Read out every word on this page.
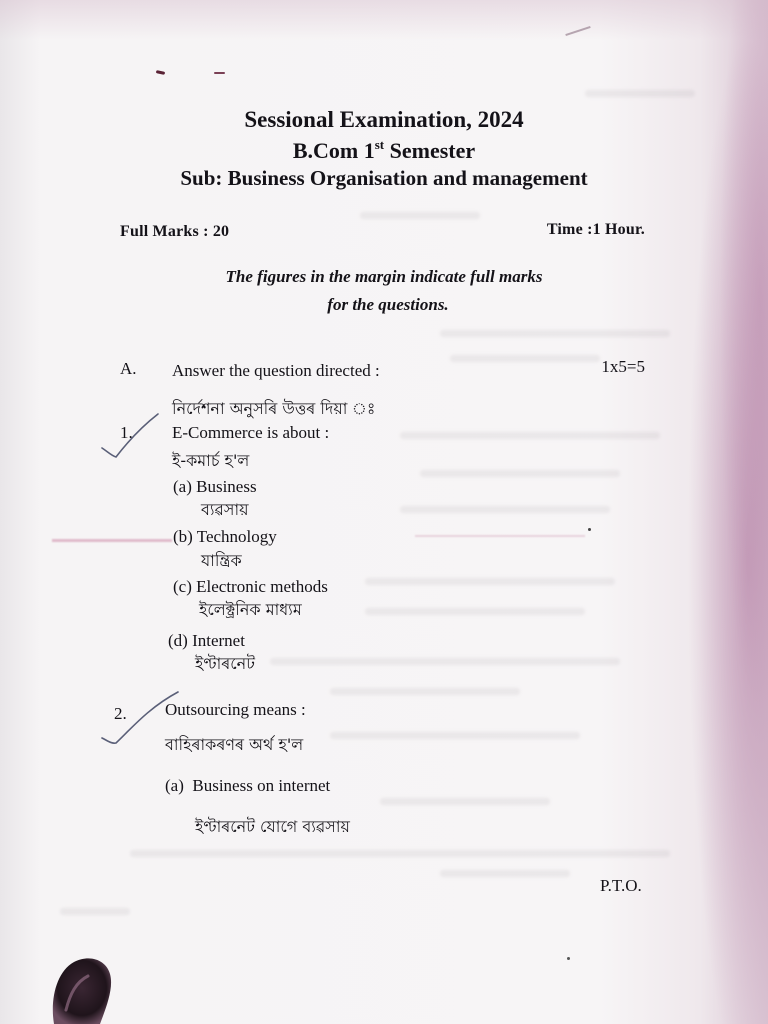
Sessional Examination, 2024
B.Com 1st Semester
Sub: Business Organisation and management
Full Marks : 20	Time :1 Hour.
The figures in the margin indicate full marks
for the questions.
A. Answer the question directed :	1x5=5
নিৰ্দেশনা অনুসৰি উত্তৰ দিয়া ঃ
1. E-Commerce is about :
ই-কমাৰ্চ হ'ল
(a) Business
ব্যৱসায়
(b) Technology
যান্ত্ৰিক
(c) Electronic methods
ইলেক্ট্ৰনিক মাধ্যম
(d) Internet
ইণ্টাৰনেট
2. Outsourcing means :
বাহিৰাকৰণৰ অৰ্থ হ'ল
(a)  Business on internet
ইণ্টাৰনেট যোগে ব্যৱসায়
P.T.O.
